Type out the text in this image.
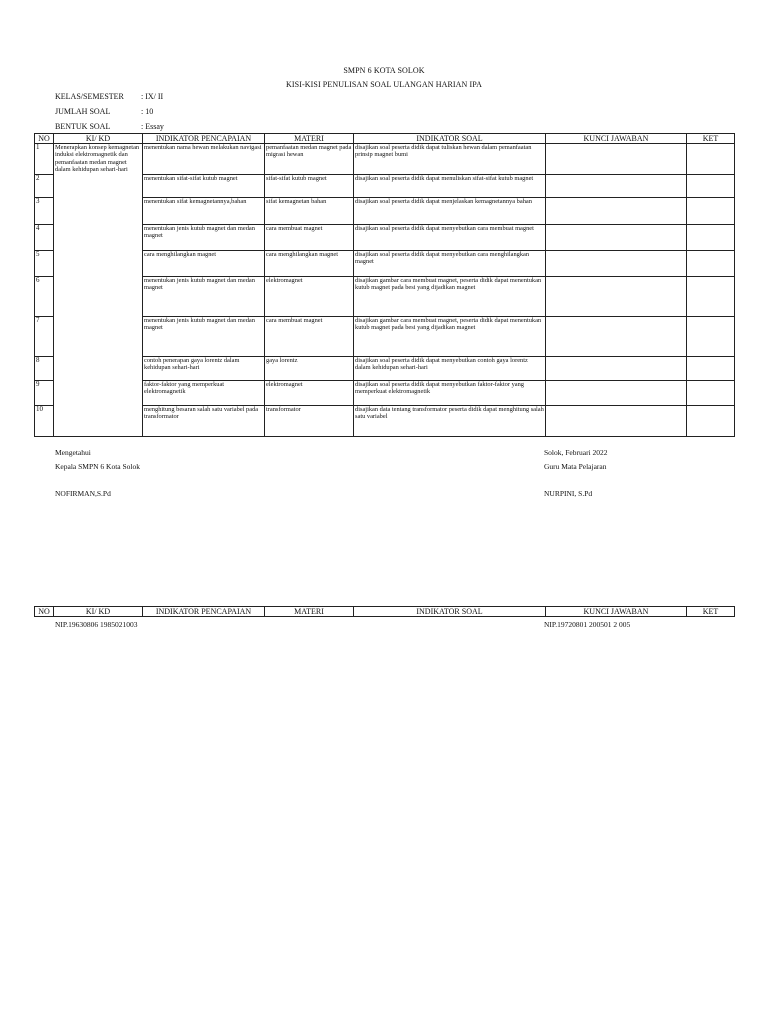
SMPN 6 KOTA SOLOK
KISI-KISI PENULISAN SOAL ULANGAN HARIAN IPA
KELAS/SEMESTER : IX/ II
JUMLAH SOAL	: 10
BENTUK SOAL	: Essay
NO	KI/ KD	INDIKATOR PENCAPAIAN	MATERI	INDIKATOR SOAL	KUNCI JAWABAN	KET
1	Menerapkan konsep kemagnetan induksi elektromagnetik dan pemanfaatan medan magnet dalam kehidupan sehari-hari	menentukan nama hewan melakukan navigasi	pemanfaatan medan magnet pada migrasi hewan	disajikan soal peserta didik dapat tuliskan hewan dalam pemanfaatan prinsip magnet bumi		
2		menentukan sifat-sifat kutub magnet	sifat-sifat kutub magnet	disajikan soal peserta didik dapat menuliskan sifat-sifat kutub magnet		
3		menentukan sifat kemagnetannya,bahan	sifat kemagnetan bahan	disajikan soal peserta didik dapat menjelaskan kemagnetannya bahan		
4		menentukan jenis kutub magnet dan medan magnet	cara membuat magnet	disajikan soal peserta didik dapat menyebutkan cara membuat magnet		
5		cara menghilangkan magnet	cara menghilangkan magnet	disajikan soal peserta didik dapat menyebutkan cara menghilangkan magnet		
6		menentukan jenis kutub magnet dan medan magnet	elektromagnet	disajikan gambar cara membuat magnet, peserta didik dapat menentukan kutub magnet pada besi yang dijadikan magnet		
7		menentukan jenis kutub magnet dan medan magnet	cara membuat magnet	disajikan gambar cara membuat magnet, peserta didik dapat menentukan kutub magnet pada besi yang dijadikan magnet		
8		contoh penerapan gaya lorentz dalam kehidupan sehari-hari	gaya lorentz	disajikan soal peserta didik dapat menyebutkan contoh gaya lorentz dalam kehidupan sehari-hari		
9		faktor-faktor yang memperkuat elektromagnetik	elektromagnet	disajikan soal peserta didik dapat menyebutkan faktor-faktor yang memperkuat elektromagnetik		
10		menghitung besaran salah satu variabel pada transformator	transformator	disajikan data tentang transformator peserta didik dapat menghitung salah satu variabel		
Mengetahui
Kepala SMPN 6 Kota Solok
NOFIRMAN,S.Pd
Solok, Februari 2022
Guru Mata Pelajaran
NURPINI, S.Pd
NO	KI/ KD	INDIKATOR PENCAPAIAN	MATERI	INDIKATOR SOAL	KUNCI JAWABAN	KET
NIP.19630806 1985021003	NIP.19720801 200501 2 005
